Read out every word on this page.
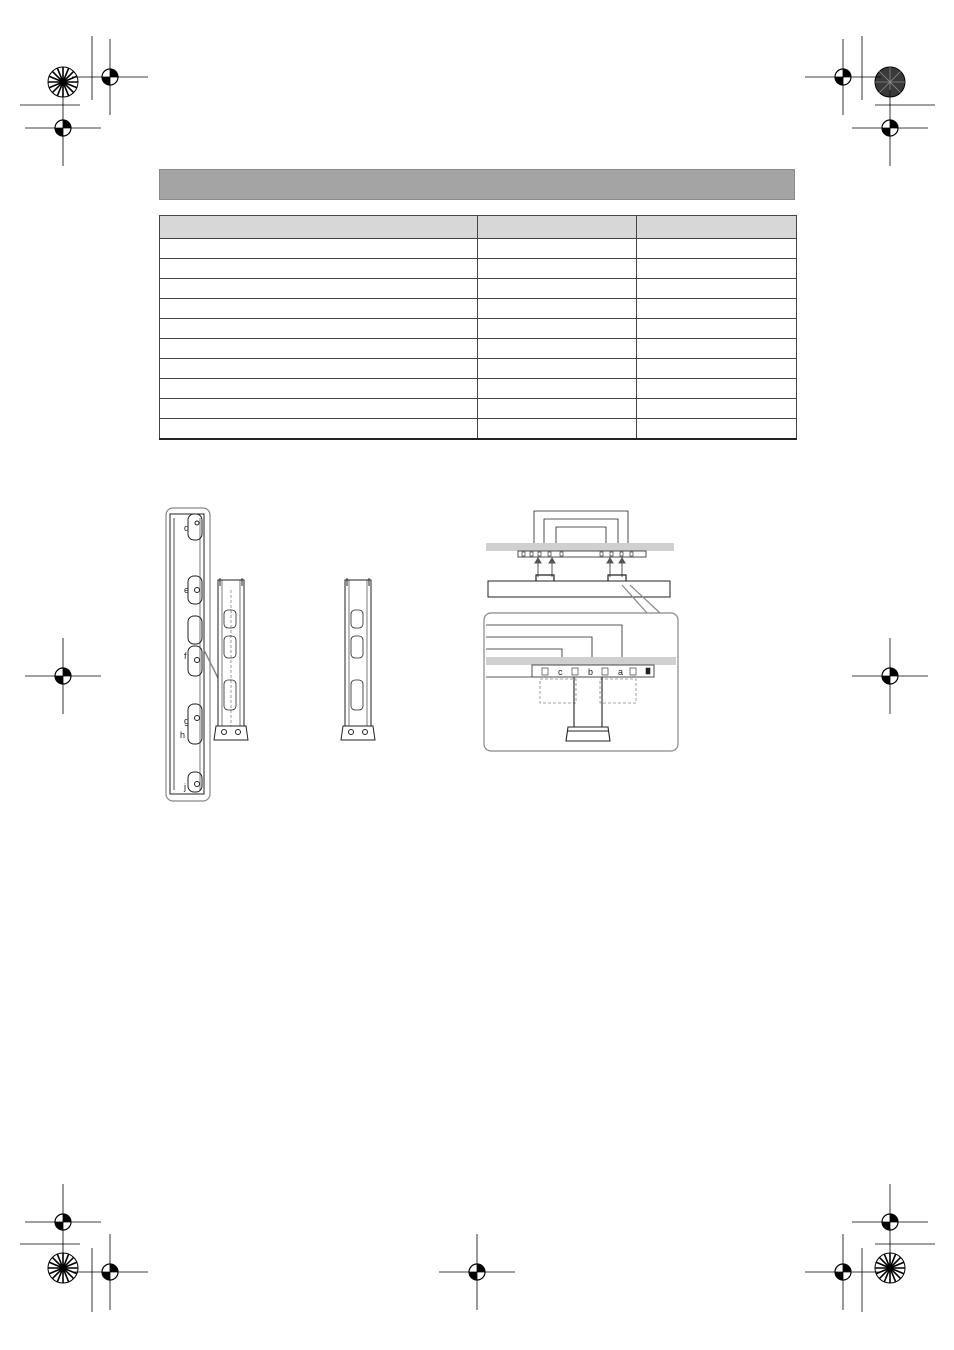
d
e
f
g
h
j
c	b	a
